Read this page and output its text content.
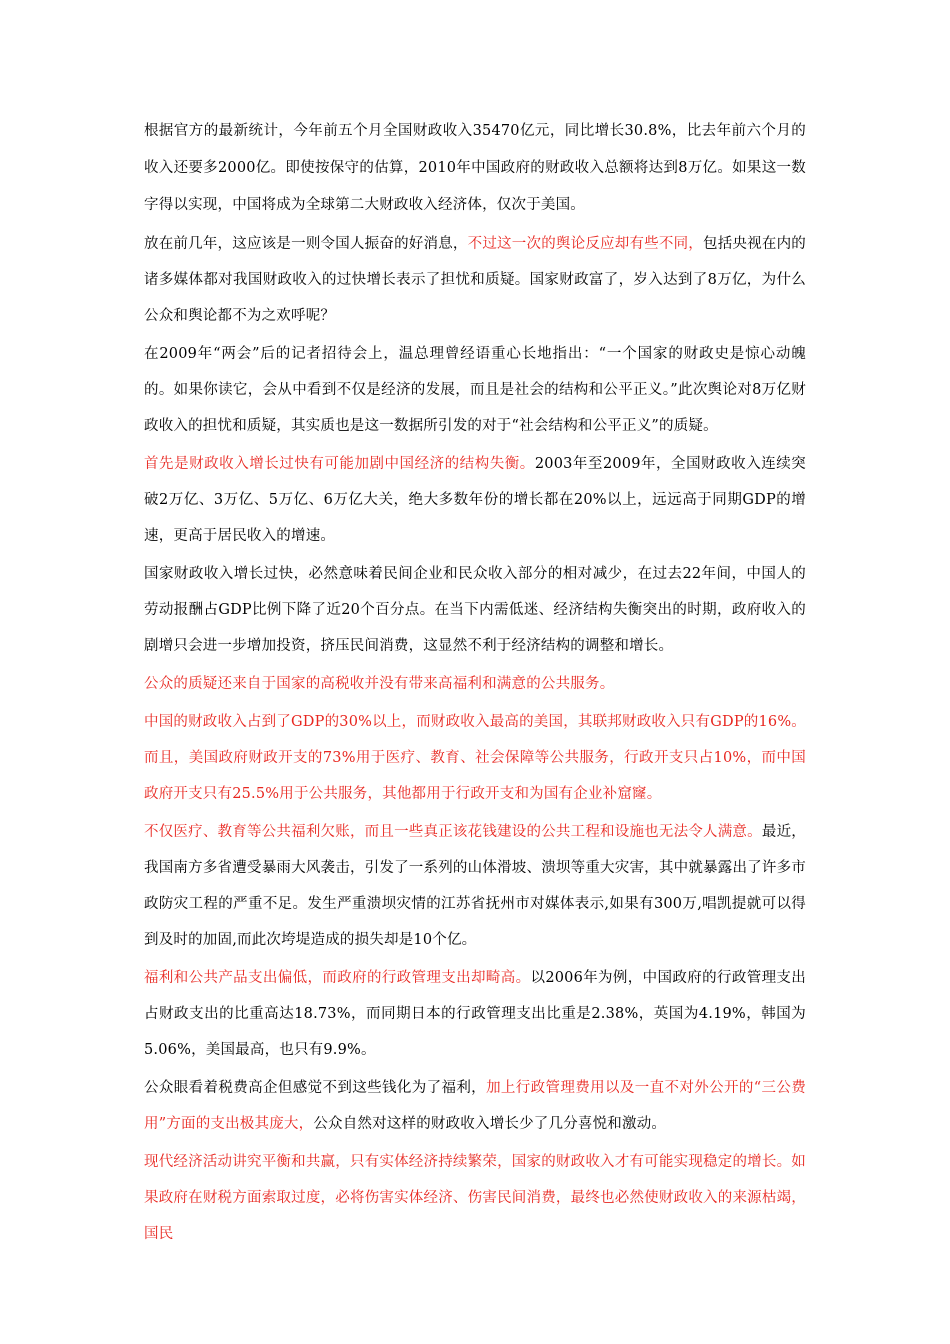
根据官方的最新统计，今年前五个月全国财政收入35470亿元，同比增长30.8%，比去年前六个月的收入还要多2000亿。即使按保守的估算，2010年中国政府的财政收入总额将达到8万亿。如果这一数字得以实现，中国将成为全球第二大财政收入经济体，仅次于美国。

放在前几年，这应该是一则令国人振奋的好消息，不过这一次的舆论反应却有些不同，包括央视在内的诸多媒体都对我国财政收入的过快增长表示了担忧和质疑。国家财政富了，岁入达到了8万亿，为什么公众和舆论都不为之欢呼呢？

在2009年“两会”后的记者招待会上，温总理曾经语重心长地指出：“一个国家的财政史是惊心动魄的。如果你读它，会从中看到不仅是经济的发展，而且是社会的结构和公平正义。”此次舆论对8万亿财政收入的担忧和质疑，其实质也是这一数据所引发的对于“社会结构和公平正义”的质疑。

首先是财政收入增长过快有可能加剧中国经济的结构失衡。2003年至2009年，全国财政收入连续突破2万亿、3万亿、5万亿、6万亿大关，绝大多数年份的增长都在20%以上，远远高于同期GDP的增速，更高于居民收入的增速。

国家财政收入增长过快，必然意味着民间企业和民众收入部分的相对减少，在过去22年间，中国人的劳动报酬占GDP比例下降了近20个百分点。在当下内需低迷、经济结构失衡突出的时期，政府收入的剧增只会进一步增加投资，挤压民间消费，这显然不利于经济结构的调整和增长。

公众的质疑还来自于国家的高税收并没有带来高福利和满意的公共服务。

中国的财政收入占到了GDP的30%以上，而财政收入最高的美国，其联邦财政收入只有GDP的16%。而且，美国政府财政开支的73%用于医疗、教育、社会保障等公共服务，行政开支只占10%，而中国政府开支只有25.5%用于公共服务，其他都用于行政开支和为国有企业补窟窿。

不仅医疗、教育等公共福利欠账，而且一些真正该花钱建设的公共工程和设施也无法令人满意。最近，我国南方多省遭受暴雨大风袭击，引发了一系列的山体滑坡、溃坝等重大灾害，其中就暴露出了许多市政防灾工程的严重不足。发生严重溃坝灾情的江苏省抚州市对媒体表示,如果有300万,唱凯提就可以得到及时的加固,而此次垮堤造成的损失却是10个亿。

福利和公共产品支出偏低，而政府的行政管理支出却畸高。以2006年为例，中国政府的行政管理支出占财政支出的比重高达18.73%，而同期日本的行政管理支出比重是2.38%，英国为4.19%，韩国为5.06%，美国最高，也只有9.9%。

公众眼看着税费高企但感觉不到这些钱化为了福利，加上行政管理费用以及一直不对外公开的“三公费用”方面的支出极其庞大，公众自然对这样的财政收入增长少了几分喜悦和激动。

现代经济活动讲究平衡和共赢，只有实体经济持续繁荣，国家的财政收入才有可能实现稳定的增长。如果政府在财税方面索取过度，必将伤害实体经济、伤害民间消费，最终也必然使财政收入的来源枯竭，国民
